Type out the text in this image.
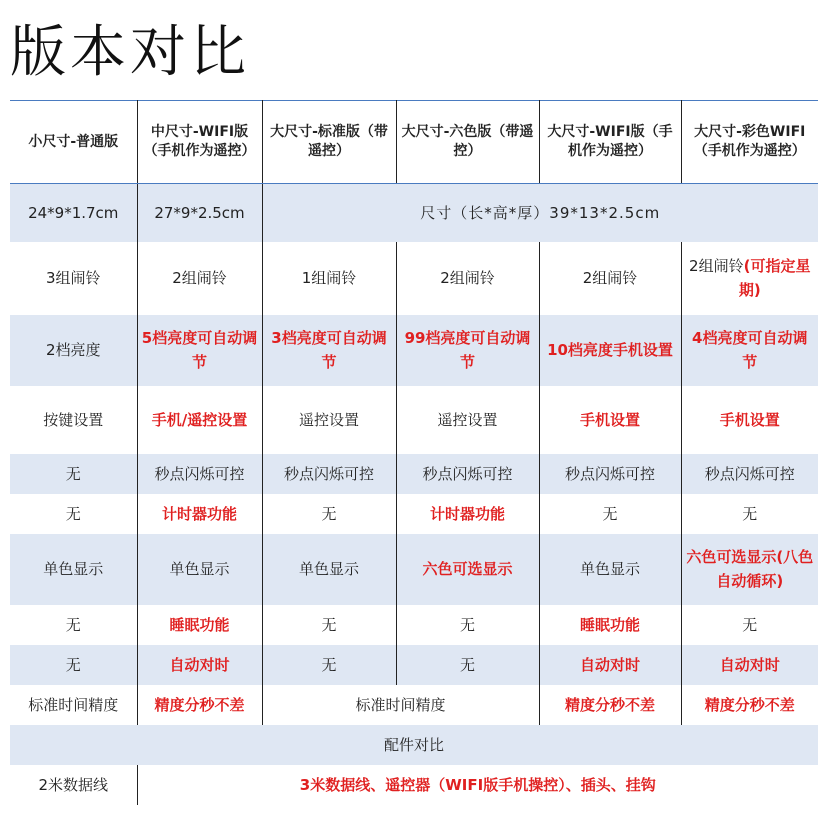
版本对比
小尺寸-普通版	中尺寸-WIFI版（手机作为遥控）	大尺寸-标准版（带遥控）	大尺寸-六色版（带遥控）	大尺寸-WIFI版（手机作为遥控）	大尺寸-彩色WIFI（手机作为遥控）
24*9*1.7cm	27*9*2.5cm	尺寸（长*高*厚）39*13*2.5cm			
3组闹铃	2组闹铃	1组闹铃	2组闹铃	2组闹铃	2组闹铃(可指定星期)
2档亮度	5档亮度可自动调节	3档亮度可自动调节	99档亮度可自动调节	10档亮度手机设置	4档亮度可自动调节
按键设置	手机/遥控设置	遥控设置	遥控设置	手机设置	手机设置
无	秒点闪烁可控	秒点闪烁可控	秒点闪烁可控	秒点闪烁可控	秒点闪烁可控
无	计时器功能	无	计时器功能	无	无
单色显示	单色显示	单色显示	六色可选显示	单色显示	六色可选显示(八色自动循环)
无	睡眠功能	无	无	睡眠功能	无
无	自动对时	无	无	自动对时	自动对时
标准时间精度	精度分秒不差	标准时间精度		精度分秒不差	精度分秒不差
配件对比					
2米数据线	3米数据线、遥控器（WIFI版手机操控）、插头、挂钩				
